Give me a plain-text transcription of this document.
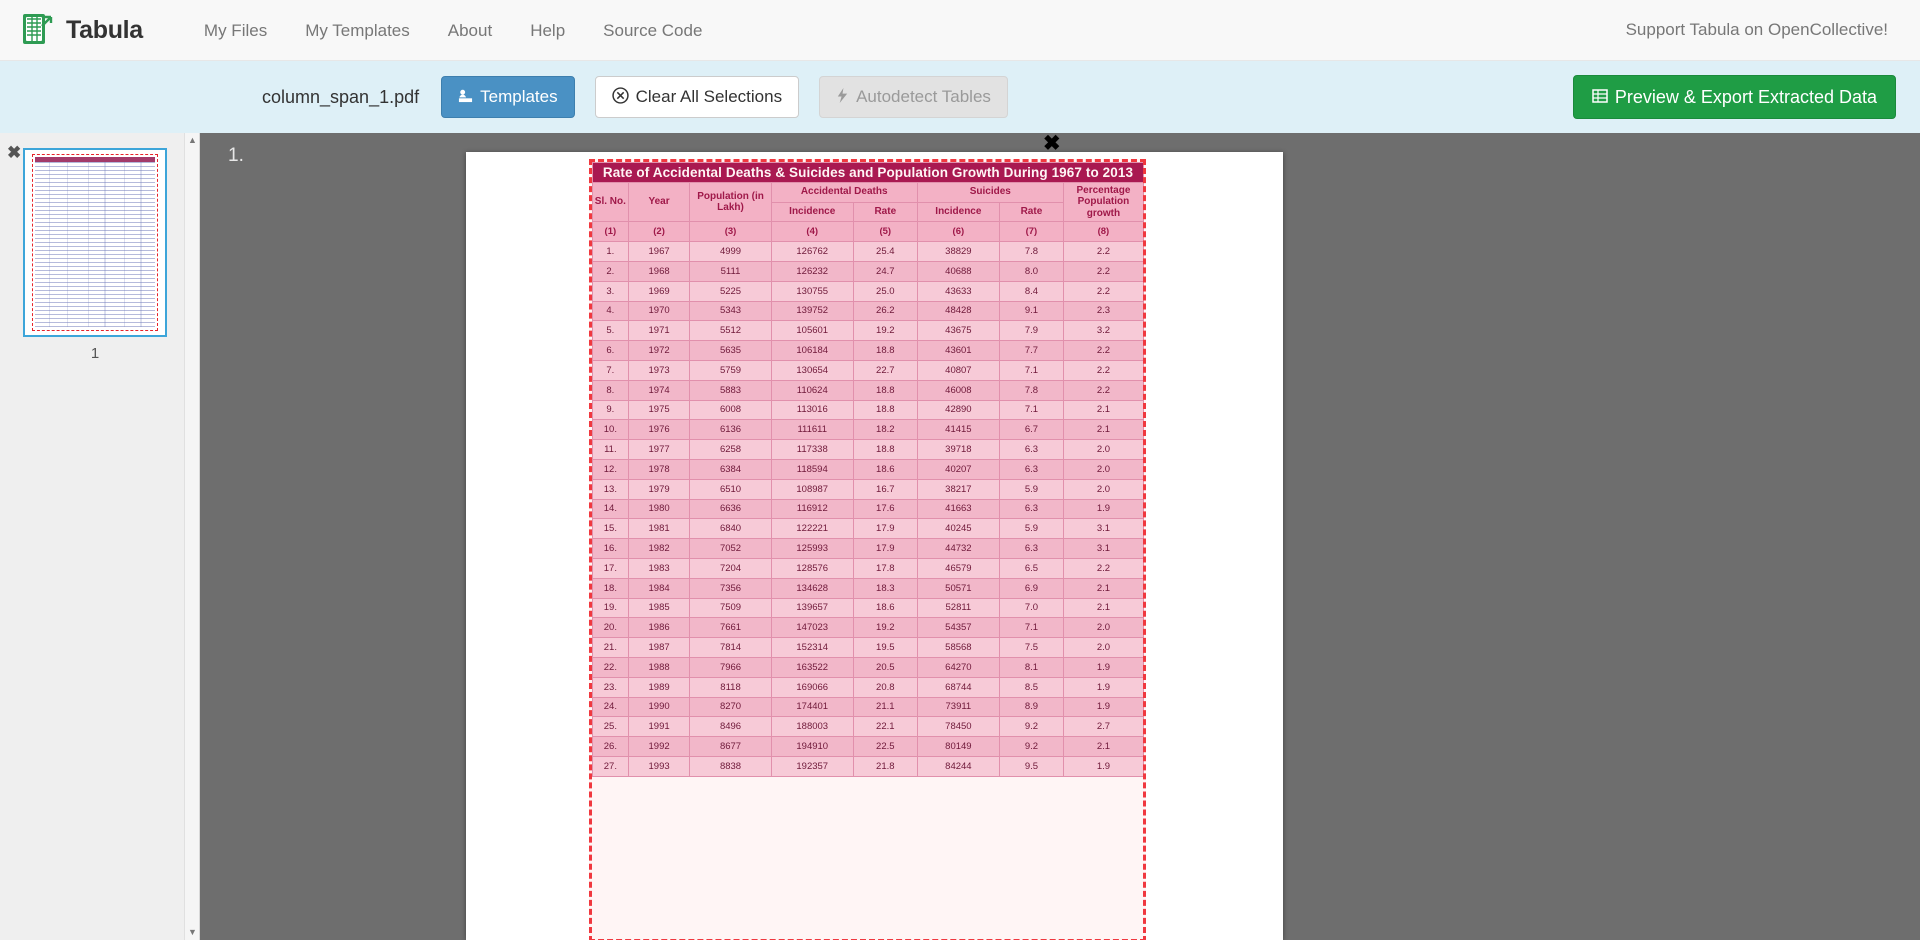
Tabula	My Files	My Templates	About	Help	Source Code	Support Tabula on OpenCollective!
column_span_1.pdf	Templates	Clear All Selections	Autodetect Tables	Preview & Export Extracted Data
✖
1
▲
▼
1.
✖
Rate of Accidental Deaths & Suicides and Population Growth During 1967 to 2013							
Sl. No.	Year	Population (in Lakh)	Accidental Deaths		Suicides		Percentage Population growth
			Incidence	Rate	Incidence	Rate	
(1)	(2)	(3)	(4)	(5)	(6)	(7)	(8)
1.	1967	4999	126762	25.4	38829	7.8	2.2
2.	1968	5111	126232	24.7	40688	8.0	2.2
3.	1969	5225	130755	25.0	43633	8.4	2.2
4.	1970	5343	139752	26.2	48428	9.1	2.3
5.	1971	5512	105601	19.2	43675	7.9	3.2
6.	1972	5635	106184	18.8	43601	7.7	2.2
7.	1973	5759	130654	22.7	40807	7.1	2.2
8.	1974	5883	110624	18.8	46008	7.8	2.2
9.	1975	6008	113016	18.8	42890	7.1	2.1
10.	1976	6136	111611	18.2	41415	6.7	2.1
11.	1977	6258	117338	18.8	39718	6.3	2.0
12.	1978	6384	118594	18.6	40207	6.3	2.0
13.	1979	6510	108987	16.7	38217	5.9	2.0
14.	1980	6636	116912	17.6	41663	6.3	1.9
15.	1981	6840	122221	17.9	40245	5.9	3.1
16.	1982	7052	125993	17.9	44732	6.3	3.1
17.	1983	7204	128576	17.8	46579	6.5	2.2
18.	1984	7356	134628	18.3	50571	6.9	2.1
19.	1985	7509	139657	18.6	52811	7.0	2.1
20.	1986	7661	147023	19.2	54357	7.1	2.0
21.	1987	7814	152314	19.5	58568	7.5	2.0
22.	1988	7966	163522	20.5	64270	8.1	1.9
23.	1989	8118	169066	20.8	68744	8.5	1.9
24.	1990	8270	174401	21.1	73911	8.9	1.9
25.	1991	8496	188003	22.1	78450	9.2	2.7
26.	1992	8677	194910	22.5	80149	9.2	2.1
27.	1993	8838	192357	21.8	84244	9.5	1.9
